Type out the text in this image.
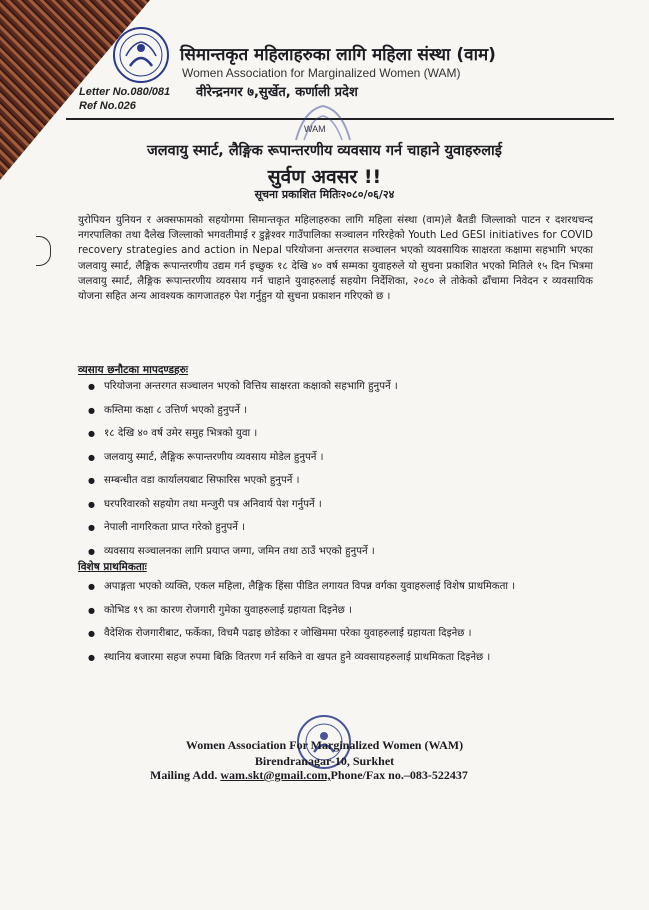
सिमान्तकृत महिलाहरुका लागि महिला संस्था (वाम)
Women Association for Marginalized Women (WAM)
वीरेन्द्रनगर ७,सुर्खेत, कर्णाली प्रदेश
Letter No.080/081
Ref No.026
WAM
जलवायु स्मार्ट, लैङ्गिक रूपान्तरणीय व्यवसाय गर्न चाहाने युवाहरुलाई
सुर्वण अवसर !!
सूचना प्रकाशित मितिः२०८०/०६/२४
युरोपियन युनियन र अक्सफामको सहयोगमा सिमान्तकृत महिलाहरुका लागि महिला संस्था (वाम)ले बैतडी जिल्लाको पाटन र दशरथचन्द नगरपालिका तथा दैलेख जिल्लाको भगवतीमाई र डुङ्गेश्वर गाउँपालिका सञ्चालन गरिरहेको Youth Led GESI initiatives for COVID recovery strategies and action in Nepal परियोजना अन्तरगत सञ्चालन भएको व्यवसायिक साक्षरता कक्षामा सहभागि भएका जलवायु स्मार्ट, लैङ्गिक रूपान्तरणीय उद्यम गर्न इच्छुक १८ देखि ४० वर्ष सम्मका युवाहरुले यो सुचना प्रकाशित भएको मितिले १५ दिन भित्रमा जलवायु स्मार्ट, लैङ्गिक रूपान्तरणीय व्यवसाय गर्न चाहाने युवाहरुलाई सहयोग निर्देशिका, २०८० ले तोकेको ढाँचामा निवेदन र व्यवसायिक योजना सहित अन्य आवश्यक कागजातहरु पेश गर्नुहुन यो सुचना प्रकाशन गरिएको छ ।
व्यसाय छनौटका मापदण्डहरुः
● परियोजना अन्तरगत सञ्चालन भएको वित्तिय साक्षरता कक्षाको सहभागि हुनुपर्ने ।
● कम्तिमा कक्षा ८ उत्तिर्ण भएको हुनुपर्ने ।
● १८ देखि ४० वर्ष उमेर समुह भित्रको युवा ।
● जलवायु स्मार्ट, लैङ्गिक रूपान्तरणीय व्यवसाय मोडेल हुनुपर्ने ।
● सम्बन्धीत वडा कार्यालयबाट सिफारिस भएको हुनुपर्ने ।
● घरपरिवारको सहयोग तथा मन्जुरी पत्र अनिवार्य पेश गर्नुपर्ने ।
● नेपाली नागरिकता प्राप्त गरेको हुनुपर्ने ।
● व्यवसाय सञ्चालनका लागि प्रयाप्त जग्गा, जमिन तथा ठाउँ भएको हुनुपर्ने ।
विशेष प्राथमिकताः
● अपाङ्गता भएको व्यक्ति, एकल महिला, लैङ्गिक हिंसा पीडित लगायत विपन्न वर्गका युवाहरुलाई विशेष प्राथमिकता ।
● कोभिड १९ का कारण रोजगारी गुमेका युवाहरुलाई ग्रहायता दिइनेछ ।
● वैदेशिक रोजगारीबाट, फर्केका, विचमै पढाइ छोडेका र जोखिममा परेका युवाहरुलाई ग्रहायता दिइनेछ ।
● स्थानिय बजारमा सहज रुपमा बिक्रि वितरण गर्न सकिने वा खपत हुने व्यवसायहरुलाई प्राथमिकता दिइनेछ ।
Women Association For Marginalized Women (WAM)
Birendranagar-10, Surkhet
Mailing Add. wam.skt@gmail.com,Phone/Fax no.–083-522437
